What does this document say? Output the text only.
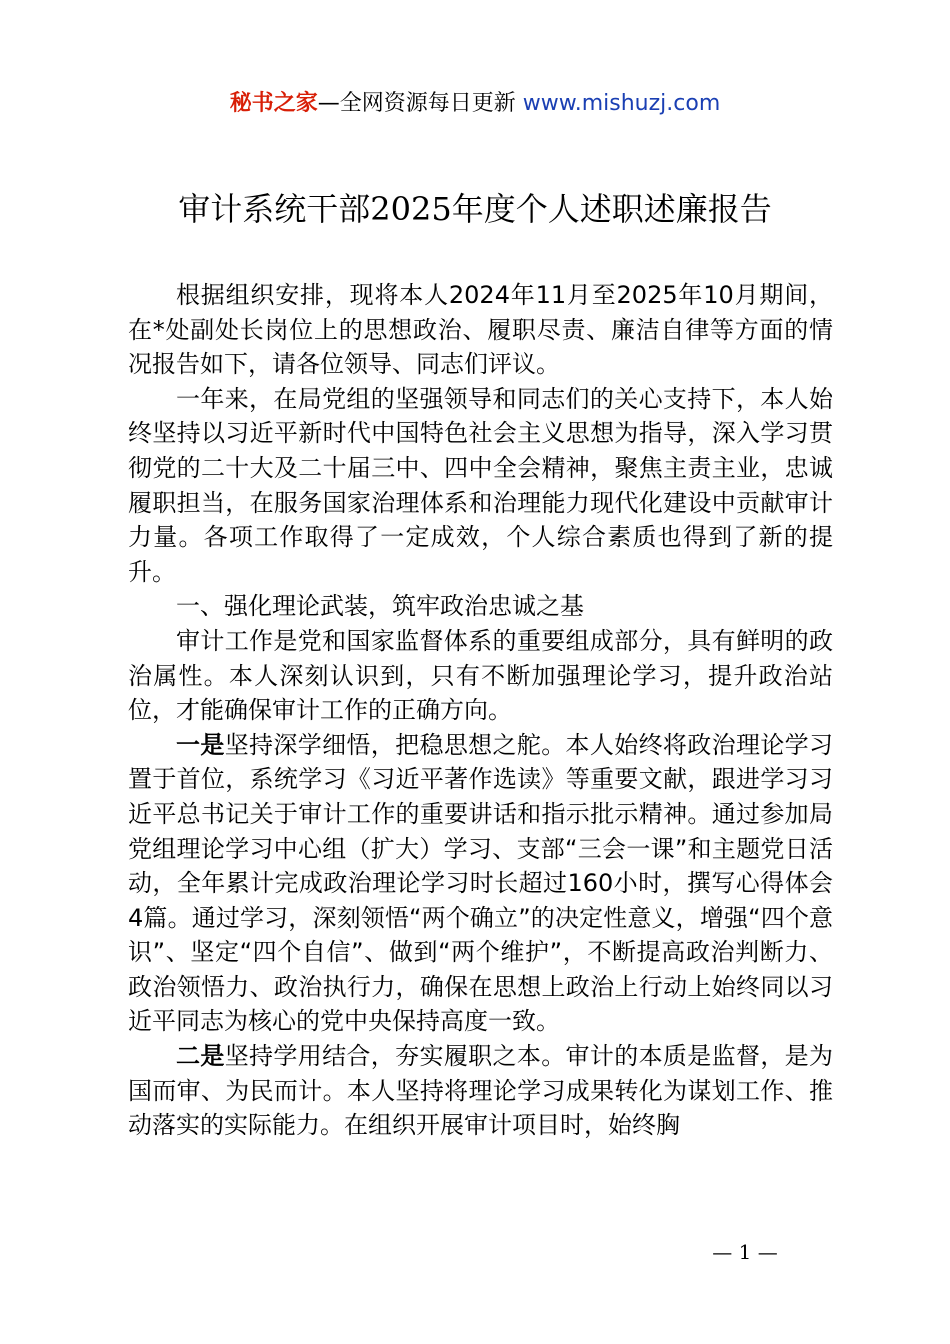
秘书之家—全网资源每日更新 www.mishuzj.com
审计系统干部2025年度个人述职述廉报告

根据组织安排，现将本人2024年11月至2025年10月期间，在*处副处长岗位上的思想政治、履职尽责、廉洁自律等方面的情况报告如下，请各位领导、同志们评议。

一年来，在局党组的坚强领导和同志们的关心支持下，本人始终坚持以习近平新时代中国特色社会主义思想为指导，深入学习贯彻党的二十大及二十届三中、四中全会精神，聚焦主责主业，忠诚履职担当，在服务国家治理体系和治理能力现代化建设中贡献审计力量。各项工作取得了一定成效，个人综合素质也得到了新的提升。

一、强化理论武装，筑牢政治忠诚之基

审计工作是党和国家监督体系的重要组成部分，具有鲜明的政治属性。本人深刻认识到，只有不断加强理论学习，提升政治站位，才能确保审计工作的正确方向。

一是坚持深学细悟，把稳思想之舵。本人始终将政治理论学习置于首位，系统学习《习近平著作选读》等重要文献，跟进学习习近平总书记关于审计工作的重要讲话和指示批示精神。通过参加局党组理论学习中心组（扩大）学习、支部“三会一课”和主题党日活动，全年累计完成政治理论学习时长超过160小时，撰写心得体会4篇。通过学习，深刻领悟“两个确立”的决定性意义，增强“四个意识”、坚定“四个自信”、做到“两个维护”，不断提高政治判断力、政治领悟力、政治执行力，确保在思想上政治上行动上始终同以习近平同志为核心的党中央保持高度一致。

二是坚持学用结合，夯实履职之本。审计的本质是监督，是为国而审、为民而计。本人坚持将理论学习成果转化为谋划工作、推动落实的实际能力。在组织开展审计项目时，始终胸

— 1 —
